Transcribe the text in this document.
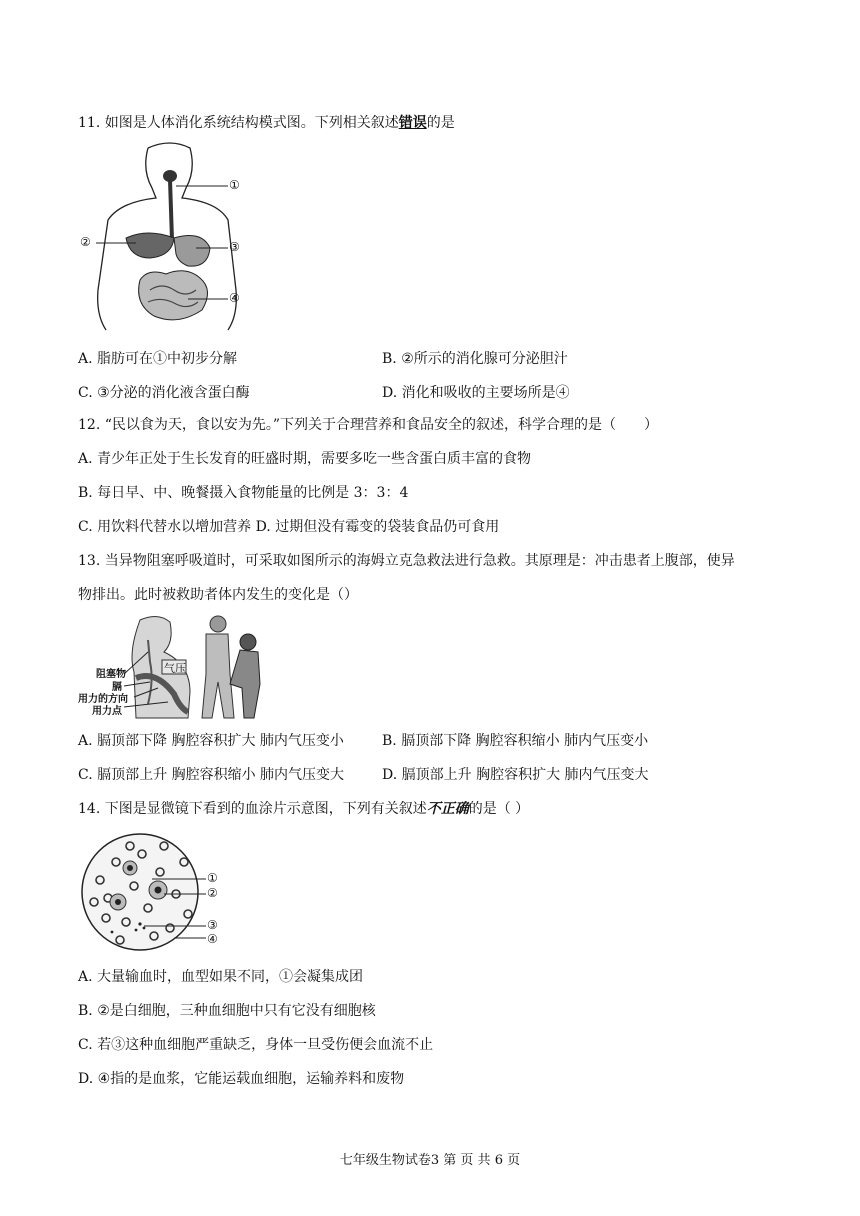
11. 如图是人体消化系统结构模式图。下列相关叙述错误的是
①
②	③
④
A. 脂肪可在①中初步分解	B. ②所示的消化腺可分泌胆汁
C. ③分泌的消化液含蛋白酶	D. 消化和吸收的主要场所是④
12. “民以食为天，食以安为先。”下列关于合理营养和食品安全的叙述，科学合理的是（　　）
A. 青少年正处于生长发育的旺盛时期，需要多吃一些含蛋白质丰富的食物
B. 每日早、中、晚餐摄入食物能量的比例是 3：3：4
C. 用饮料代替水以增加营养 D. 过期但没有霉变的袋装食品仍可食用
13. 当异物阻塞呼吸道时，可采取如图所示的海姆立克急救法进行急救。其原理是：冲击患者上腹部，使异
物排出。此时被救助者体内发生的变化是（）
气压
阻塞物
膈
用力的方向
用力点
A. 膈顶部下降 胸腔容积扩大 肺内气压变小	B. 膈顶部下降 胸腔容积缩小 肺内气压变小
C. 膈顶部上升 胸腔容积缩小 肺内气压变大	D. 膈顶部上升 胸腔容积扩大 肺内气压变大
14. 下图是显微镜下看到的血涂片示意图，下列有关叙述不正确的是（ ）
①
②
③
④
A. 大量输血时，血型如果不同，①会凝集成团
B. ②是白细胞，三种血细胞中只有它没有细胞核
C. 若③这种血细胞严重缺乏，身体一旦受伤便会血流不止
D. ④指的是血浆，它能运载血细胞，运输养料和废物
七年级生物试卷3 第 页 共 6 页
